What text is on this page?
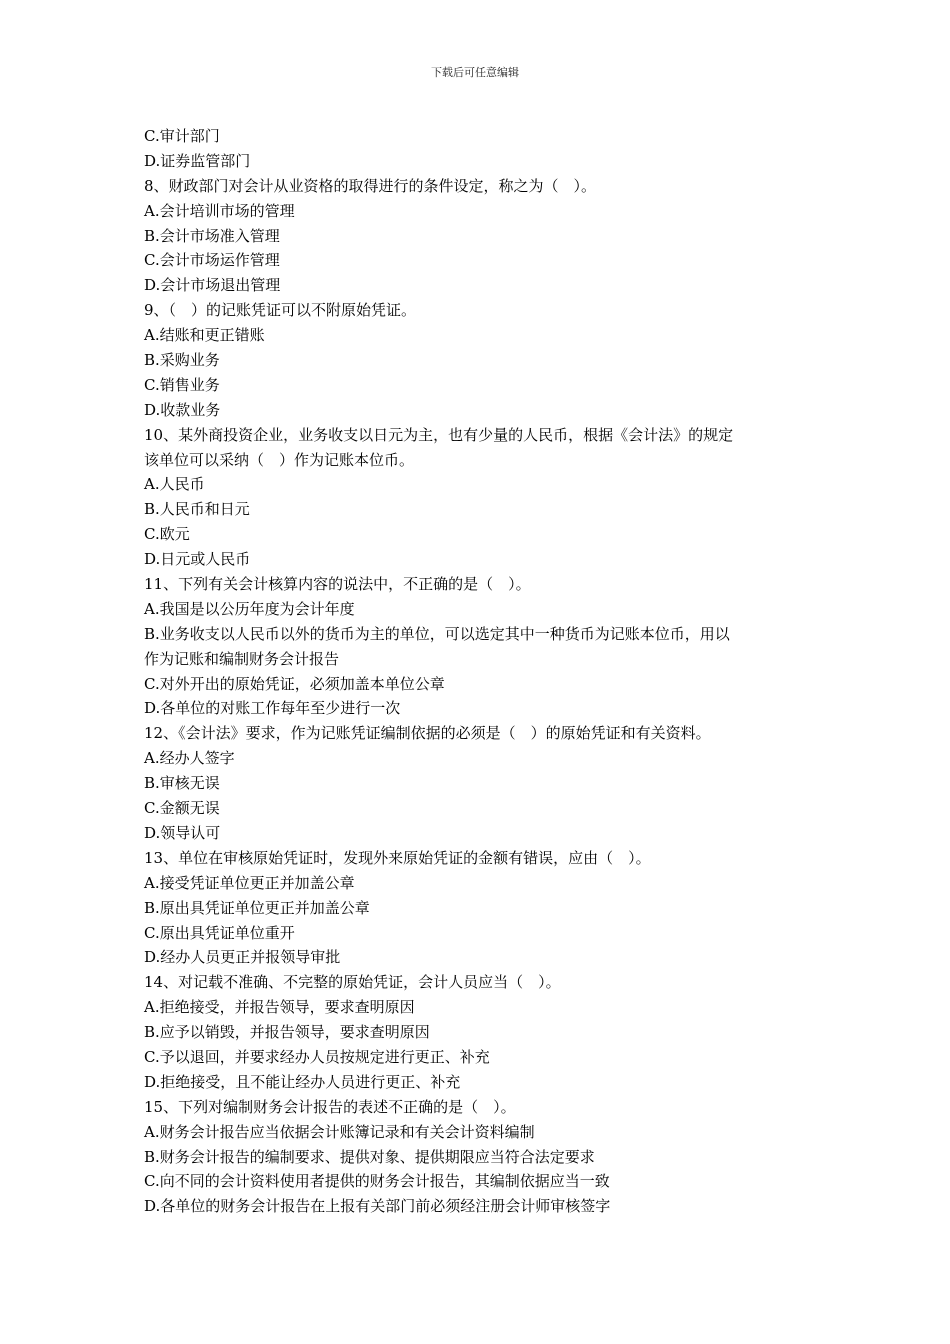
下载后可任意编辑
C.审计部门
D.证券监管部门
8、财政部门对会计从业资格的取得进行的条件设定，称之为（　）。
A.会计培训市场的管理
B.会计市场准入管理
C.会计市场运作管理
D.会计市场退出管理
9、（　）的记账凭证可以不附原始凭证。
A.结账和更正错账
B.采购业务
C.销售业务
D.收款业务
10、某外商投资企业，业务收支以日元为主，也有少量的人民币，根据《会计法》的规定
该单位可以采纳（　）作为记账本位币。
A.人民币
B.人民币和日元
C.欧元
D.日元或人民币
11、下列有关会计核算内容的说法中，不正确的是（　）。
A.我国是以公历年度为会计年度
B.业务收支以人民币以外的货币为主的单位，可以选定其中一种货币为记账本位币，用以
作为记账和编制财务会计报告
C.对外开出的原始凭证，必须加盖本单位公章
D.各单位的对账工作每年至少进行一次
12、《会计法》要求，作为记账凭证编制依据的必须是（　）的原始凭证和有关资料。
A.经办人签字
B.审核无误
C.金额无误
D.领导认可
13、单位在审核原始凭证时，发现外来原始凭证的金额有错误，应由（　）。
A.接受凭证单位更正并加盖公章
B.原出具凭证单位更正并加盖公章
C.原出具凭证单位重开
D.经办人员更正并报领导审批
14、对记载不准确、不完整的原始凭证，会计人员应当（　）。
A.拒绝接受，并报告领导，要求查明原因
B.应予以销毁，并报告领导，要求查明原因
C.予以退回，并要求经办人员按规定进行更正、补充
D.拒绝接受，且不能让经办人员进行更正、补充
15、下列对编制财务会计报告的表述不正确的是（　）。
A.财务会计报告应当依据会计账簿记录和有关会计资料编制
B.财务会计报告的编制要求、提供对象、提供期限应当符合法定要求
C.向不同的会计资料使用者提供的财务会计报告，其编制依据应当一致
D.各单位的财务会计报告在上报有关部门前必须经注册会计师审核签字
